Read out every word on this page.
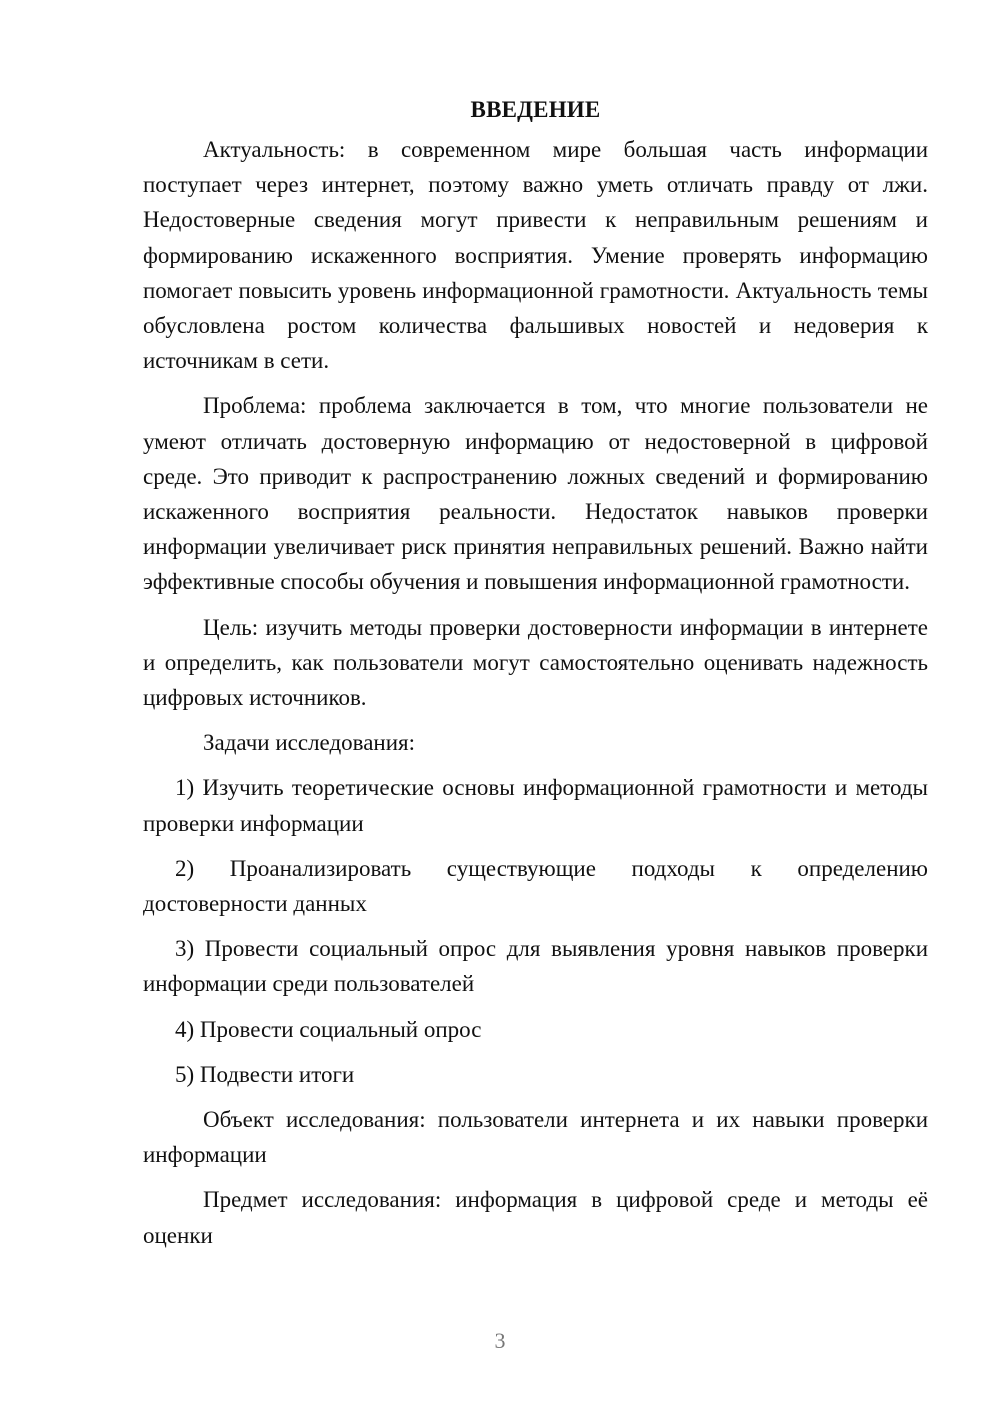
ВВЕДЕНИЕ

Актуальность: в современном мире большая часть информации поступает через интернет, поэтому важно уметь отличать правду от лжи. Недостоверные сведения могут привести к неправильным решениям и формированию искаженного восприятия. Умение проверять информацию помогает повысить уровень информационной грамотности. Актуальность темы обусловлена ростом количества фальшивых новостей и недоверия к источникам в сети.

Проблема: проблема заключается в том, что многие пользователи не умеют отличать достоверную информацию от недостоверной в цифровой среде. Это приводит к распространению ложных сведений и формированию искаженного восприятия реальности. Недостаток навыков проверки информации увеличивает риск принятия неправильных решений. Важно найти эффективные способы обучения и повышения информационной грамотности.

Цель: изучить методы проверки достоверности информации в интернете и определить, как пользователи могут самостоятельно оценивать надежность цифровых источников.

Задачи исследования:

1) Изучить теоретические основы информационной грамотности и методы проверки информации

2) Проанализировать существующие подходы к определению достоверности данных

3) Провести социальный опрос для выявления уровня навыков проверки информации среди пользователей

4) Провести социальный опрос

5) Подвести итоги

Объект исследования: пользователи интернета и их навыки проверки информации

Предмет исследования: информация в цифровой среде и методы её оценки

3
